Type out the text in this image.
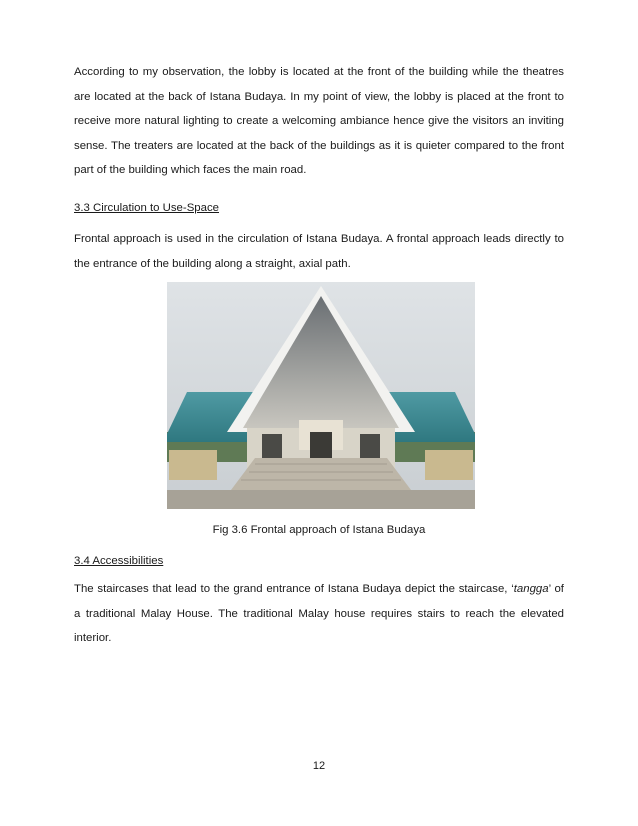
According to my observation, the lobby is located at the front of the building while the theatres are located at the back of Istana Budaya. In my point of view, the lobby is placed at the front to receive more natural lighting to create a welcoming ambiance hence give the visitors an inviting sense. The treaters are located at the back of the buildings as it is quieter compared to the front part of the building which faces the main road.

3.3 Circulation to Use-Space

Frontal approach is used in the circulation of Istana Budaya. A frontal approach leads directly to the entrance of the building along a straight, axial path.

Fig 3.6 Frontal approach of Istana Budaya
3.4 Accessibilities

The staircases that lead to the grand entrance of Istana Budaya depict the staircase, ‘tangga’ of a traditional Malay House. The traditional Malay house requires stairs to reach the elevated interior.

12
